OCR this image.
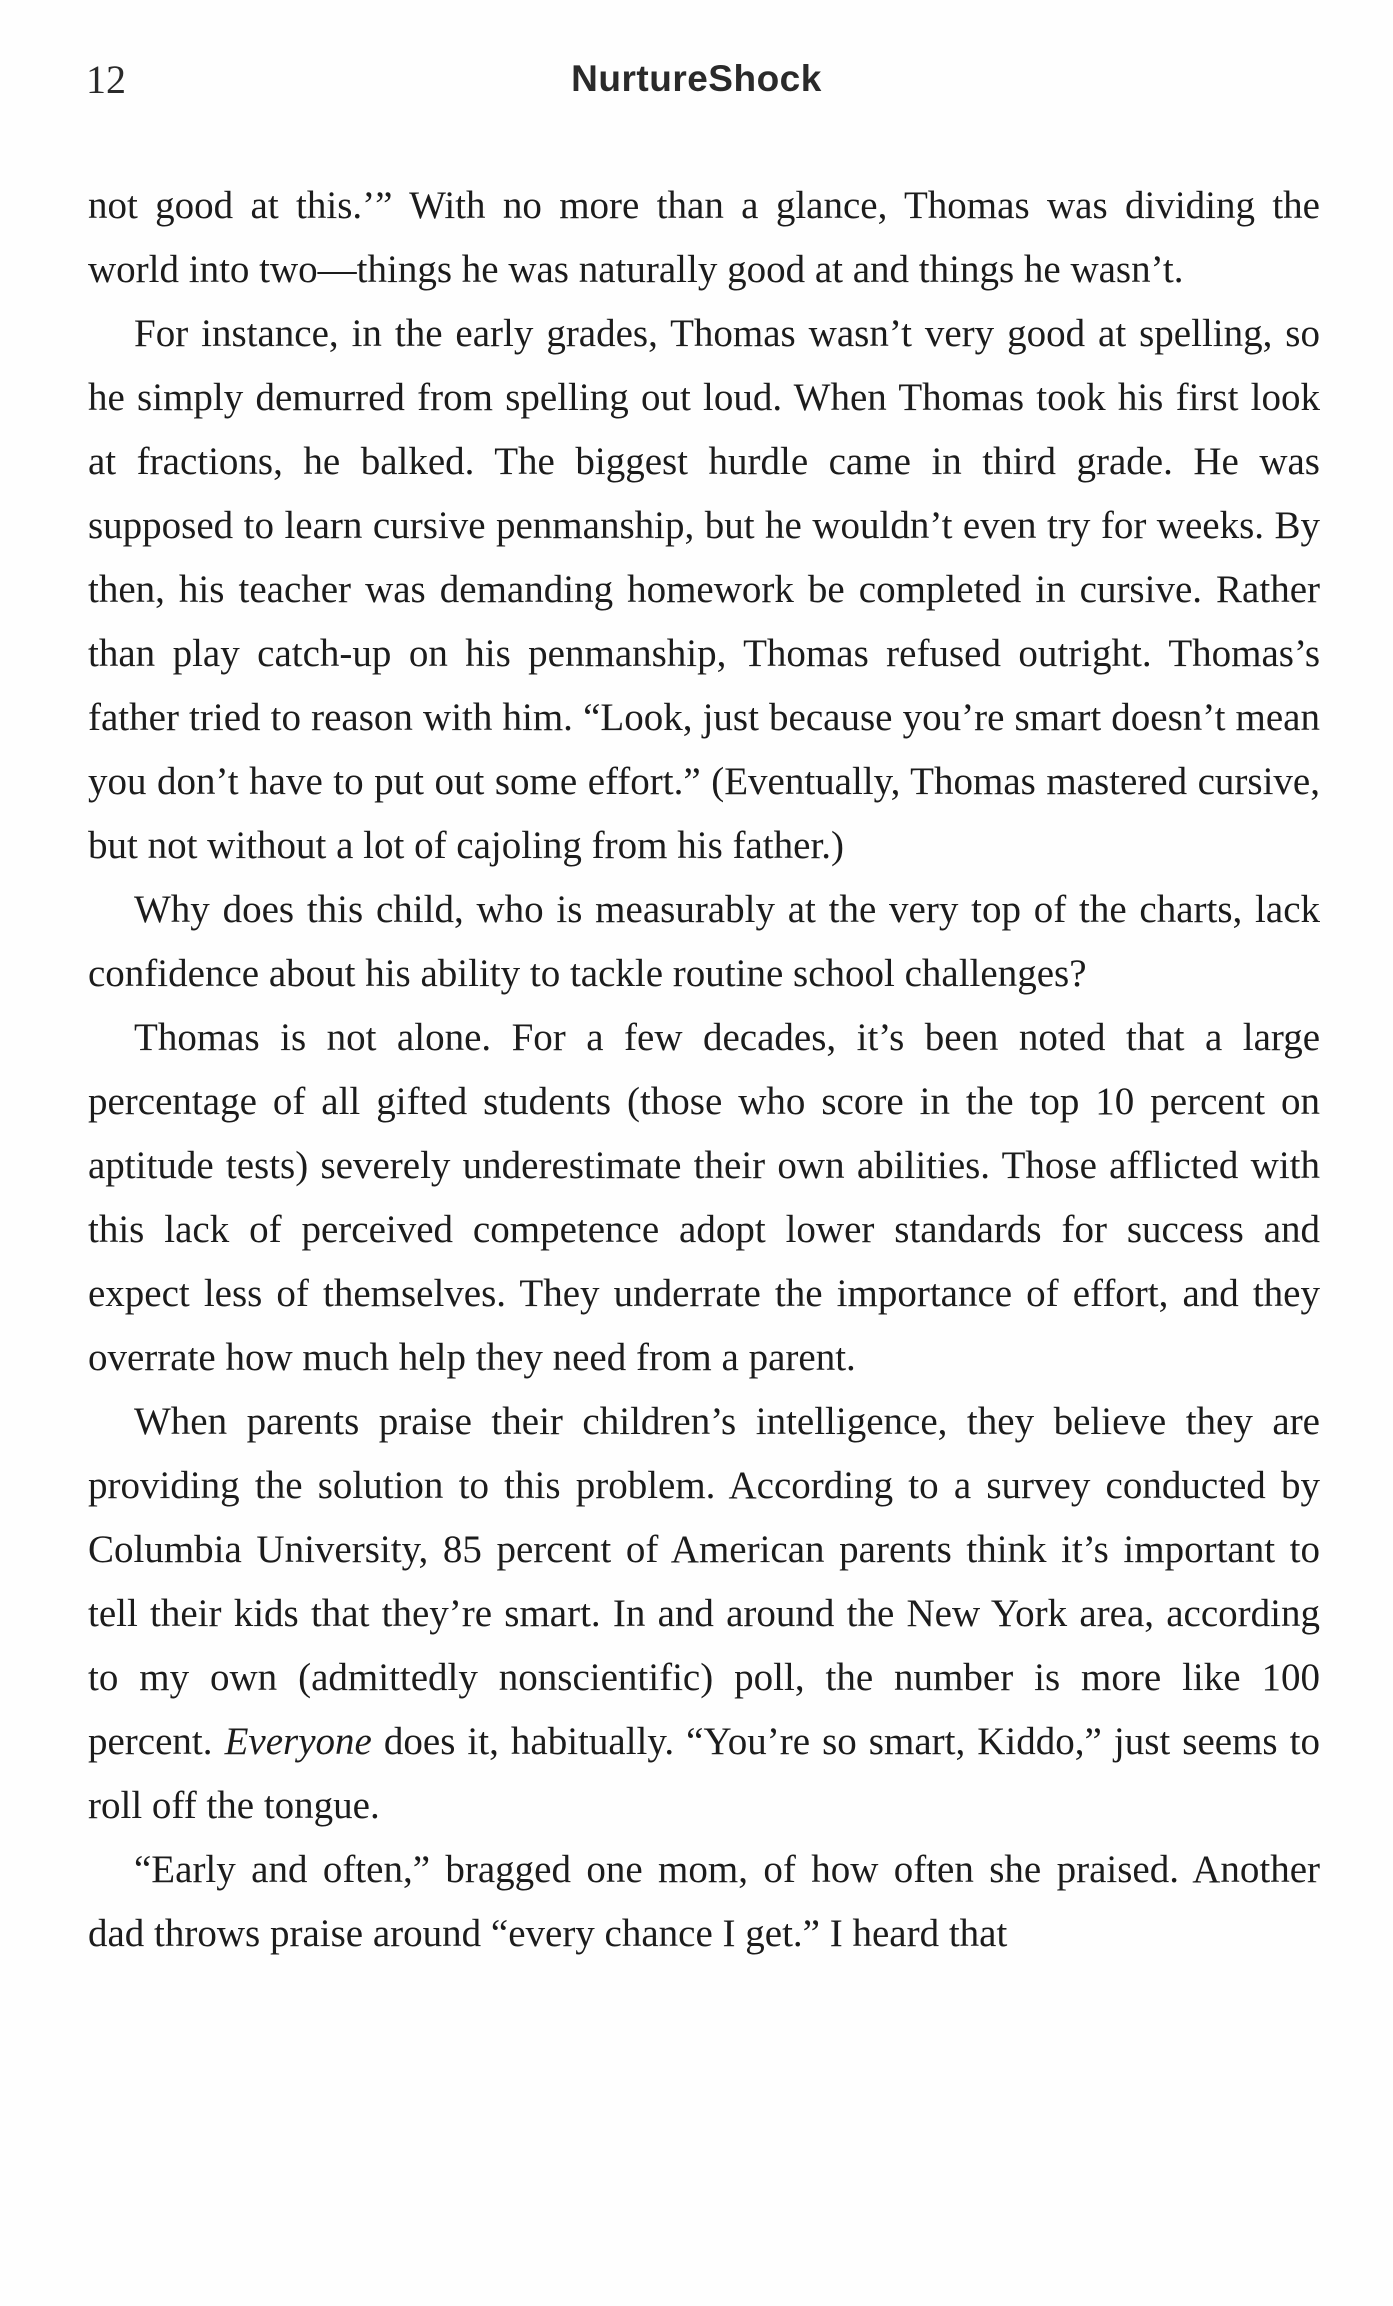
12	NurtureShock

not good at this.’” With no more than a glance, Thomas was dividing the world into two—things he was naturally good at and things he wasn’t.

For instance, in the early grades, Thomas wasn’t very good at spelling, so he simply demurred from spelling out loud. When Thomas took his first look at fractions, he balked. The biggest hurdle came in third grade. He was supposed to learn cursive penmanship, but he wouldn’t even try for weeks. By then, his teacher was demanding homework be completed in cursive. Rather than play catch-up on his penmanship, Thomas refused outright. Thomas’s father tried to reason with him. “Look, just because you’re smart doesn’t mean you don’t have to put out some effort.” (Eventually, Thomas mastered cursive, but not without a lot of cajoling from his father.)

Why does this child, who is measurably at the very top of the charts, lack confidence about his ability to tackle routine school challenges?

Thomas is not alone. For a few decades, it’s been noted that a large percentage of all gifted students (those who score in the top 10 percent on aptitude tests) severely underestimate their own abilities. Those afflicted with this lack of perceived competence adopt lower standards for success and expect less of themselves. They underrate the importance of effort, and they overrate how much help they need from a parent.

When parents praise their children’s intelligence, they believe they are providing the solution to this problem. According to a survey conducted by Columbia University, 85 percent of American parents think it’s important to tell their kids that they’re smart. In and around the New York area, according to my own (admittedly nonscientific) poll, the number is more like 100 percent. Everyone does it, habitually. “You’re so smart, Kiddo,” just seems to roll off the tongue.

“Early and often,” bragged one mom, of how often she praised. Another dad throws praise around “every chance I get.” I heard that
